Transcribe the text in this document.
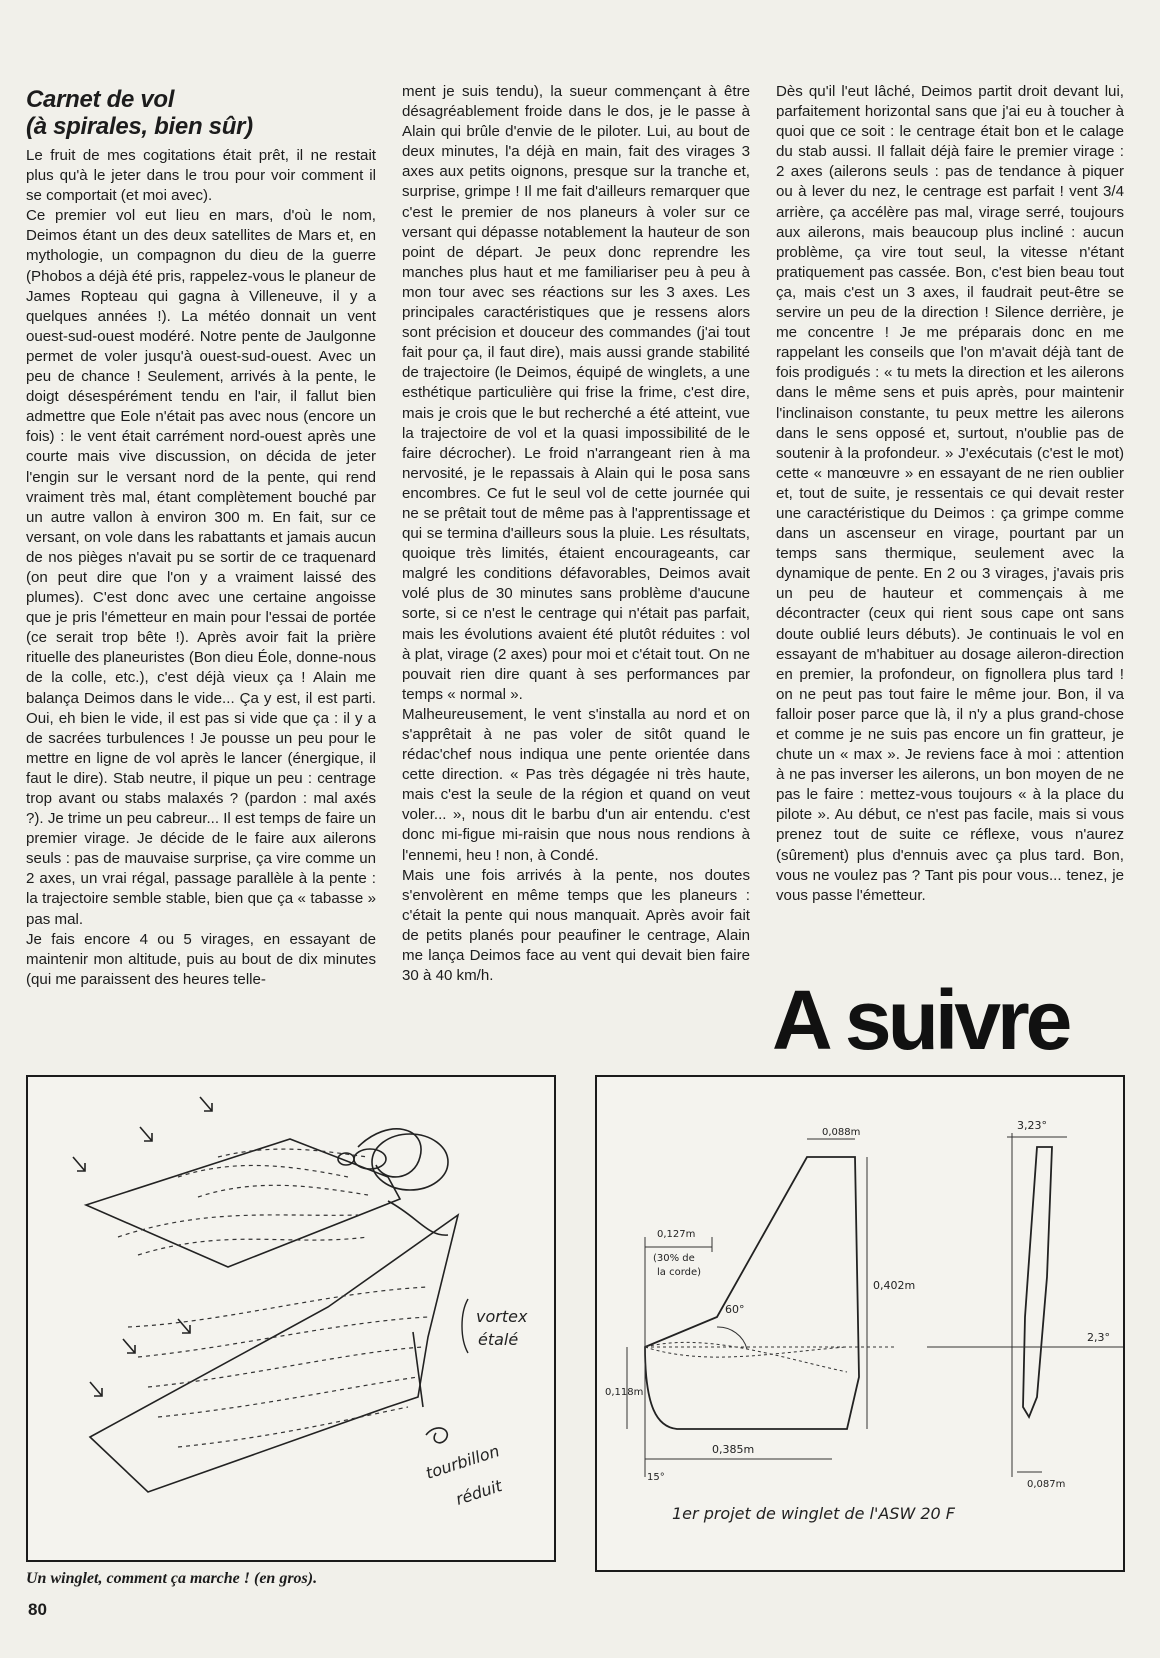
Carnet de vol
(à spirales, bien sûr)

Le fruit de mes cogitations était prêt, il ne restait plus qu'à le jeter dans le trou pour voir comment il se comportait (et moi avec).

Ce premier vol eut lieu en mars, d'où le nom, Deimos étant un des deux satellites de Mars et, en mythologie, un compagnon du dieu de la guerre (Phobos a déjà été pris, rappelez-vous le planeur de James Ropteau qui gagna à Villeneuve, il y a quelques années !). La météo donnait un vent ouest-sud-ouest modéré. Notre pente de Jaulgonne permet de voler jusqu'à ouest-sud-ouest. Avec un peu de chance ! Seulement, arrivés à la pente, le doigt désespérément tendu en l'air, il fallut bien admettre que Eole n'était pas avec nous (encore un fois) : le vent était carrément nord-ouest après une courte mais vive discussion, on décida de jeter l'engin sur le versant nord de la pente, qui rend vraiment très mal, étant complètement bouché par un autre vallon à environ 300 m. En fait, sur ce versant, on vole dans les rabattants et jamais aucun de nos pièges n'avait pu se sortir de ce traquenard (on peut dire que l'on y a vraiment laissé des plumes). C'est donc avec une certaine angoisse que je pris l'émetteur en main pour l'essai de portée (ce serait trop bête !). Après avoir fait la prière rituelle des planeuristes (Bon dieu Éole, donne-nous de la colle, etc.), c'est déjà vieux ça ! Alain me balança Deimos dans le vide... Ça y est, il est parti. Oui, eh bien le vide, il est pas si vide que ça : il y a de sacrées turbulences ! Je pousse un peu pour le mettre en ligne de vol après le lancer (énergique, il faut le dire). Stab neutre, il pique un peu : centrage trop avant ou stabs malaxés ? (pardon : mal axés ?). Je trime un peu cabreur... Il est temps de faire un premier virage. Je décide de le faire aux ailerons seuls : pas de mauvaise surprise, ça vire comme un 2 axes, un vrai régal, passage parallèle à la pente : la trajectoire semble stable, bien que ça « tabasse » pas mal.

Je fais encore 4 ou 5 virages, en essayant de maintenir mon altitude, puis au bout de dix minutes (qui me paraissent des heures telle-

ment je suis tendu), la sueur commençant à être désagréablement froide dans le dos, je le passe à Alain qui brûle d'envie de le piloter. Lui, au bout de deux minutes, l'a déjà en main, fait des virages 3 axes aux petits oignons, presque sur la tranche et, surprise, grimpe ! Il me fait d'ailleurs remarquer que c'est le premier de nos planeurs à voler sur ce versant qui dépasse notablement la hauteur de son point de départ. Je peux donc reprendre les manches plus haut et me familiariser peu à peu à mon tour avec ses réactions sur les 3 axes. Les principales caractéristiques que je ressens alors sont précision et douceur des commandes (j'ai tout fait pour ça, il faut dire), mais aussi grande stabilité de trajectoire (le Deimos, équipé de winglets, a une esthétique particulière qui frise la frime, c'est dire, mais je crois que le but recherché a été atteint, vue la trajectoire de vol et la quasi impossibilité de le faire décrocher). Le froid n'arrangeant rien à ma nervosité, je le repassais à Alain qui le posa sans encombres. Ce fut le seul vol de cette journée qui ne se prêtait tout de même pas à l'apprentissage et qui se termina d'ailleurs sous la pluie. Les résultats, quoique très limités, étaient encourageants, car malgré les conditions défavorables, Deimos avait volé plus de 30 minutes sans problème d'aucune sorte, si ce n'est le centrage qui n'était pas parfait, mais les évolutions avaient été plutôt réduites : vol à plat, virage (2 axes) pour moi et c'était tout. On ne pouvait rien dire quant à ses performances par temps « normal ».

Malheureusement, le vent s'installa au nord et on s'apprêtait à ne pas voler de sitôt quand le rédac'chef nous indiqua une pente orientée dans cette direction. « Pas très dégagée ni très haute, mais c'est la seule de la région et quand on veut voler... », nous dit le barbu d'un air entendu. c'est donc mi-figue mi-raisin que nous nous rendions à l'ennemi, heu ! non, à Condé.

Mais une fois arrivés à la pente, nos doutes s'envolèrent en même temps que les planeurs : c'était la pente qui nous manquait. Après avoir fait de petits planés pour peaufiner le centrage, Alain me lança Deimos face au vent qui devait bien faire 30 à 40 km/h.

Dès qu'il l'eut lâché, Deimos partit droit devant lui, parfaitement horizontal sans que j'ai eu à toucher à quoi que ce soit : le centrage était bon et le calage du stab aussi. Il fallait déjà faire le premier virage : 2 axes (ailerons seuls : pas de tendance à piquer ou à lever du nez, le centrage est parfait ! vent 3/4 arrière, ça accélère pas mal, virage serré, toujours aux ailerons, mais beaucoup plus incliné : aucun problème, ça vire tout seul, la vitesse n'étant pratiquement pas cassée. Bon, c'est bien beau tout ça, mais c'est un 3 axes, il faudrait peut-être se servire un peu de la direction ! Silence derrière, je me concentre ! Je me préparais donc en me rappelant les conseils que l'on m'avait déjà tant de fois prodigués : « tu mets la direction et les ailerons dans le même sens et puis après, pour maintenir l'inclinaison constante, tu peux mettre les ailerons dans le sens opposé et, surtout, n'oublie pas de soutenir à la profondeur. » J'exécutais (c'est le mot) cette « manœuvre » en essayant de ne rien oublier et, tout de suite, je ressentais ce qui devait rester une caractéristique du Deimos : ça grimpe comme dans un ascenseur en virage, pourtant par un temps sans thermique, seulement avec la dynamique de pente. En 2 ou 3 virages, j'avais pris un peu de hauteur et commençais à me décontracter (ceux qui rient sous cape ont sans doute oublié leurs débuts). Je continuais le vol en essayant de m'habituer au dosage aileron-direction en premier, la profondeur, on fignollera plus tard ! on ne peut pas tout faire le même jour. Bon, il va falloir poser parce que là, il n'y a plus grand-chose et comme je ne suis pas encore un fin gratteur, je chute un « max ». Je reviens face à moi : attention à ne pas inverser les ailerons, un bon moyen de ne pas le faire : mettez-vous toujours « à la place du pilote ». Au début, ce n'est pas facile, mais si vous prenez tout de suite ce réflexe, vous n'aurez (sûrement) plus d'ennuis avec ça plus tard. Bon, vous ne voulez pas ? Tant pis pour vous... tenez, je vous passe l'émetteur.

A suivre
vortex
étalé
tourbillon
réduit
0,088m
0,127m
(30% de
la corde)
60°
0,402m
0,118m
0,385m
15°
3,23°
2,3°
0,087m
1er projet de winglet de l'ASW 20 F
Un winglet, comment ça marche ! (en gros).
80
